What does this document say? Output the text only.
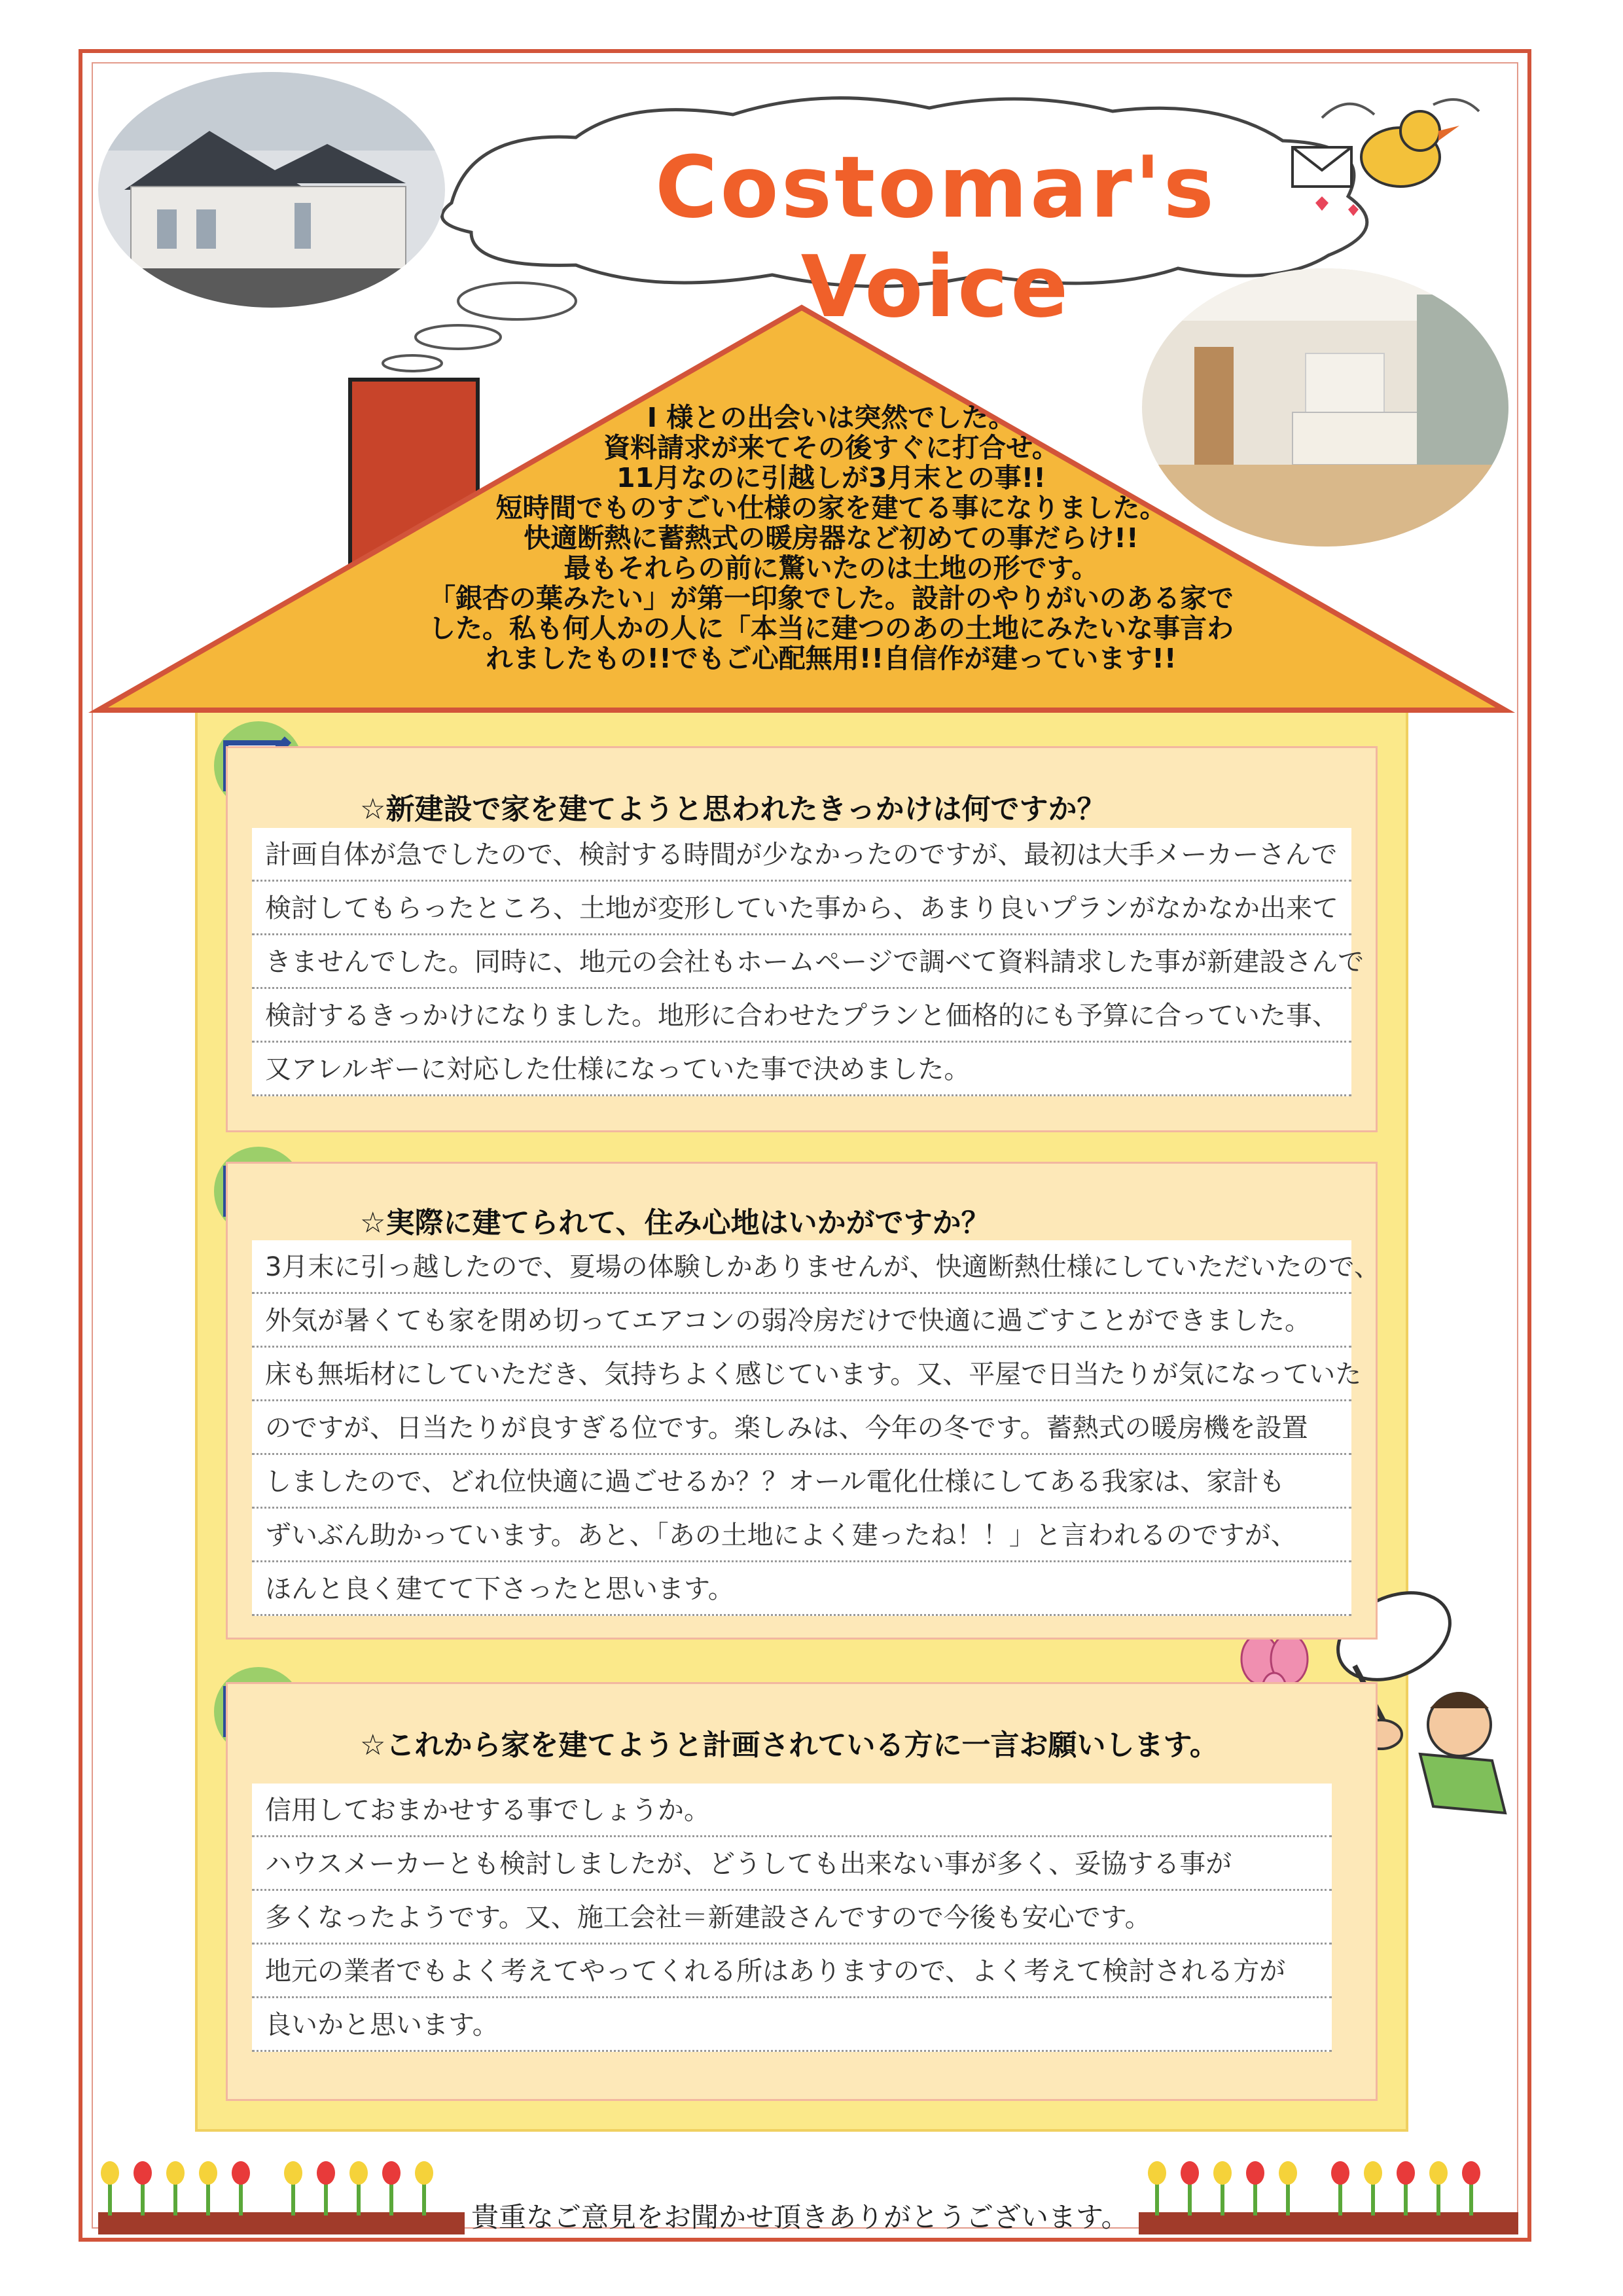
Costomar's Voice
I 様との出会いは突然でした。
資料請求が来てその後すぐに打合せ。
11月なのに引越しが3月末との事!!
短時間でものすごい仕様の家を建てる事になりました。
快適断熱に蓄熱式の暖房器など初めての事だらけ!!
最もそれらの前に驚いたのは土地の形です。
「銀杏の葉みたい」が第一印象でした。設計のやりがいのある家で
した。私も何人かの人に「本当に建つのあの土地にみたいな事言わ
れましたもの!!でもご心配無用!!自信作が建っています!!
☆新建設で家を建てようと思われたきっかけは何ですか？
計画自体が急でしたので、検討する時間が少なかったのですが、最初は大手メーカーさんで
検討してもらったところ、土地が変形していた事から、あまり良いプランがなかなか出来て
きませんでした。同時に、地元の会社もホームページで調べて資料請求した事が新建設さんで
検討するきっかけになりました。地形に合わせたプランと価格的にも予算に合っていた事、
又アレルギーに対応した仕様になっていた事で決めました。
☆実際に建てられて、住み心地はいかがですか？
3月末に引っ越したので、夏場の体験しかありませんが、快適断熱仕様にしていただいたので、
外気が暑くても家を閉め切ってエアコンの弱冷房だけで快適に過ごすことができました。
床も無垢材にしていただき、気持ちよく感じています。又、平屋で日当たりが気になっていた
のですが、日当たりが良すぎる位です。楽しみは、今年の冬です。蓄熱式の暖房機を設置
しましたので、どれ位快適に過ごせるか？？オール電化仕様にしてある我家は、家計も
ずいぶん助かっています。あと、「あの土地によく建ったね！！」と言われるのですが、
ほんと良く建てて下さったと思います。
☆これから家を建てようと計画されている方に一言お願いします。
信用しておまかせする事でしょうか。
ハウスメーカーとも検討しましたが、どうしても出来ない事が多く、妥協する事が
多くなったようです。又、施工会社＝新建設さんですので今後も安心です。
地元の業者でもよく考えてやってくれる所はありますので、よく考えて検討される方が
良いかと思います。
貴重なご意見をお聞かせ頂きありがとうございます。
